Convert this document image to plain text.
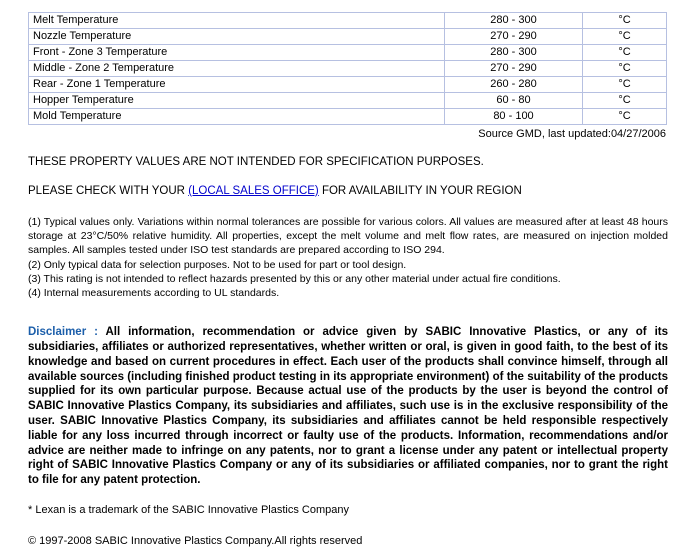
Melt Temperature	280 - 300	°C
Nozzle Temperature	270 - 290	°C
Front - Zone 3 Temperature	280 - 300	°C
Middle - Zone 2 Temperature	270 - 290	°C
Rear - Zone 1 Temperature	260 - 280	°C
Hopper Temperature	60 - 80	°C
Mold Temperature	80 - 100	°C
Source GMD, last updated:04/27/2006
THESE PROPERTY VALUES ARE NOT INTENDED FOR SPECIFICATION PURPOSES.
PLEASE CHECK WITH YOUR (LOCAL SALES OFFICE) FOR AVAILABILITY IN YOUR REGION
(1) Typical values only. Variations within normal tolerances are possible for various colors. All values are measured after at least 48 hours storage at 23°C/50% relative humidity. All properties, except the melt volume and melt flow rates, are measured on injection molded samples. All samples tested under ISO test standards are prepared according to ISO 294.
(2) Only typical data for selection purposes. Not to be used for part or tool design.
(3) This rating is not intended to reflect hazards presented by this or any other material under actual fire conditions.
(4) Internal measurements according to UL standards.
Disclaimer : All information, recommendation or advice given by SABIC Innovative Plastics, or any of its subsidiaries, affiliates or authorized representatives, whether written or oral, is given in good faith, to the best of its knowledge and based on current procedures in effect. Each user of the products shall convince himself, through all available sources (including finished product testing in its appropriate environment) of the suitability of the products supplied for its own particular purpose. Because actual use of the products by the user is beyond the control of SABIC Innovative Plastics Company, its subsidiaries and affiliates, such use is in the exclusive responsibility of the user. SABIC Innovative Plastics Company, its subsidiaries and affiliates cannot be held responsible respectively liable for any loss incurred through incorrect or faulty use of the products. Information, recommendations and/or advice are neither made to infringe on any patents, nor to grant a license under any patent or intellectual property right of SABIC Innovative Plastics Company or any of its subsidiaries or affiliated companies, nor to grant the right to file for any patent protection.
* Lexan is a trademark of the SABIC Innovative Plastics Company
© 1997-2008 SABIC Innovative Plastics Company.All rights reserved
